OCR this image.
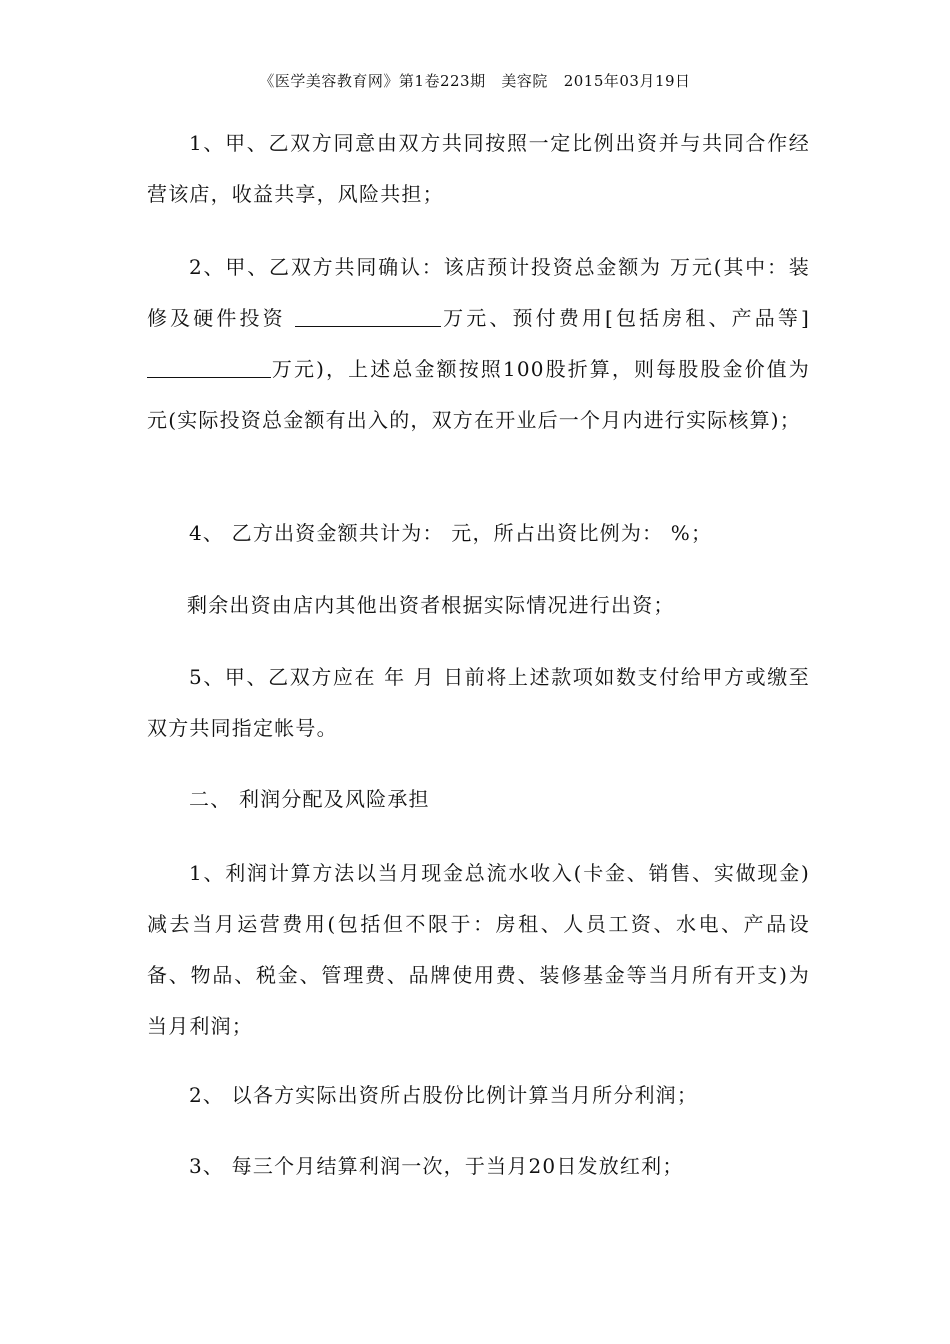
《医学美容教育网》第1卷223期   美容院   2015年03月19日

1、甲、乙双方同意由双方共同按照一定比例出资并与共同合作经营该店，收益共享，风险共担；

2、甲、乙双方共同确认：该店预计投资总金额为 万元(其中：装修及硬件投资	万元、预付费用[包括房租、产品等]万元)，上述总金额按照100股折算，则每股股金价值为 元(实际投资总金额有出入的，双方在开业后一个月内进行实际核算)；

4、 乙方出资金额共计为： 元，所占出资比例为： %；

剩余出资由店内其他出资者根据实际情况进行出资；

5、甲、乙双方应在 年 月 日前将上述款项如数支付给甲方或缴至双方共同指定帐号。

二、 利润分配及风险承担

1、利润计算方法以当月现金总流水收入(卡金、销售、实做现金)减去当月运营费用(包括但不限于：房租、人员工资、水电、产品设备、物品、税金、管理费、品牌使用费、装修基金等当月所有开支)为当月利润；

2、 以各方实际出资所占股份比例计算当月所分利润；

3、 每三个月结算利润一次，于当月20日发放红利；
